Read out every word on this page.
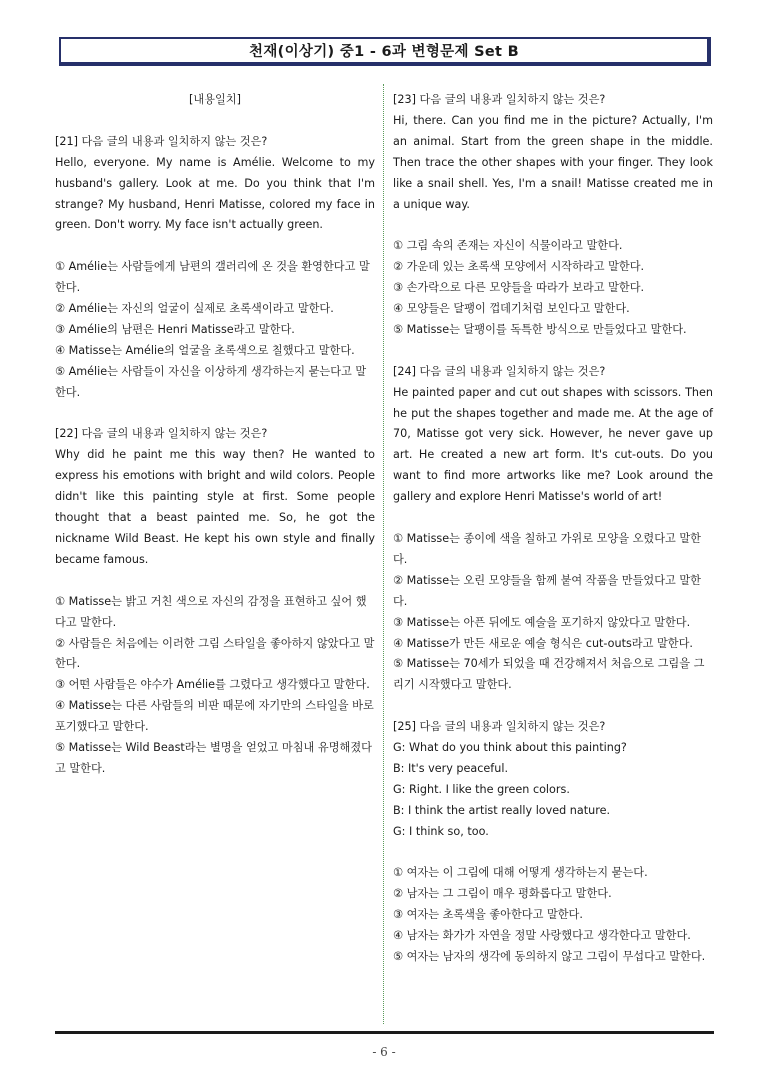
천재(이상기) 중1 - 6과 변형문제 Set B

[내용일치]

[21] 다음 글의 내용과 일치하지 않는 것은?

Hello, everyone. My name is Amélie. Welcome to my husband's gallery. Look at me. Do you think that I'm strange? My husband, Henri Matisse, colored my face in green. Don't worry. My face isn't actually green.

① Amélie는 사람들에게 남편의 갤러리에 온 것을 환영한다고 말한다.

② Amélie는 자신의 얼굴이 실제로 초록색이라고 말한다.

③ Amélie의 남편은 Henri Matisse라고 말한다.

④ Matisse는 Amélie의 얼굴을 초록색으로 칠했다고 말한다.

⑤ Amélie는 사람들이 자신을 이상하게 생각하는지 묻는다고 말한다.

[22] 다음 글의 내용과 일치하지 않는 것은?

Why did he paint me this way then? He wanted to express his emotions with bright and wild colors. People didn't like this painting style at first. Some people thought that a beast painted me. So, he got the nickname Wild Beast. He kept his own style and finally became famous.

① Matisse는 밝고 거친 색으로 자신의 감정을 표현하고 싶어 했다고 말한다.

② 사람들은 처음에는 이러한 그림 스타일을 좋아하지 않았다고 말한다.

③ 어떤 사람들은 야수가 Amélie를 그렸다고 생각했다고 말한다.

④ Matisse는 다른 사람들의 비판 때문에 자기만의 스타일을 바로 포기했다고 말한다.

⑤ Matisse는 Wild Beast라는 별명을 얻었고 마침내 유명해졌다고 말한다.

[23] 다음 글의 내용과 일치하지 않는 것은?

Hi, there. Can you find me in the picture? Actually, I'm an animal. Start from the green shape in the middle. Then trace the other shapes with your finger. They look like a snail shell. Yes, I'm a snail! Matisse created me in a unique way.

① 그림 속의 존재는 자신이 식물이라고 말한다.

② 가운데 있는 초록색 모양에서 시작하라고 말한다.

③ 손가락으로 다른 모양들을 따라가 보라고 말한다.

④ 모양들은 달팽이 껍데기처럼 보인다고 말한다.

⑤ Matisse는 달팽이를 독특한 방식으로 만들었다고 말한다.

[24] 다음 글의 내용과 일치하지 않는 것은?

He painted paper and cut out shapes with scissors. Then he put the shapes together and made me. At the age of 70, Matisse got very sick. However, he never gave up art. He created a new art form. It's cut-outs. Do you want to find more artworks like me? Look around the gallery and explore Henri Matisse's world of art!

① Matisse는 종이에 색을 칠하고 가위로 모양을 오렸다고 말한다.

② Matisse는 오린 모양들을 함께 붙여 작품을 만들었다고 말한다.

③ Matisse는 아픈 뒤에도 예술을 포기하지 않았다고 말한다.

④ Matisse가 만든 새로운 예술 형식은 cut-outs라고 말한다.

⑤ Matisse는 70세가 되었을 때 건강해져서 처음으로 그림을 그리기 시작했다고 말한다.

[25] 다음 글의 내용과 일치하지 않는 것은?

G: What do you think about this painting?

B: It's very peaceful.

G: Right. I like the green colors.

B: I think the artist really loved nature.

G: I think so, too.

① 여자는 이 그림에 대해 어떻게 생각하는지 묻는다.

② 남자는 그 그림이 매우 평화롭다고 말한다.

③ 여자는 초록색을 좋아한다고 말한다.

④ 남자는 화가가 자연을 정말 사랑했다고 생각한다고 말한다.

⑤ 여자는 남자의 생각에 동의하지 않고 그림이 무섭다고 말한다.

- 6 -
